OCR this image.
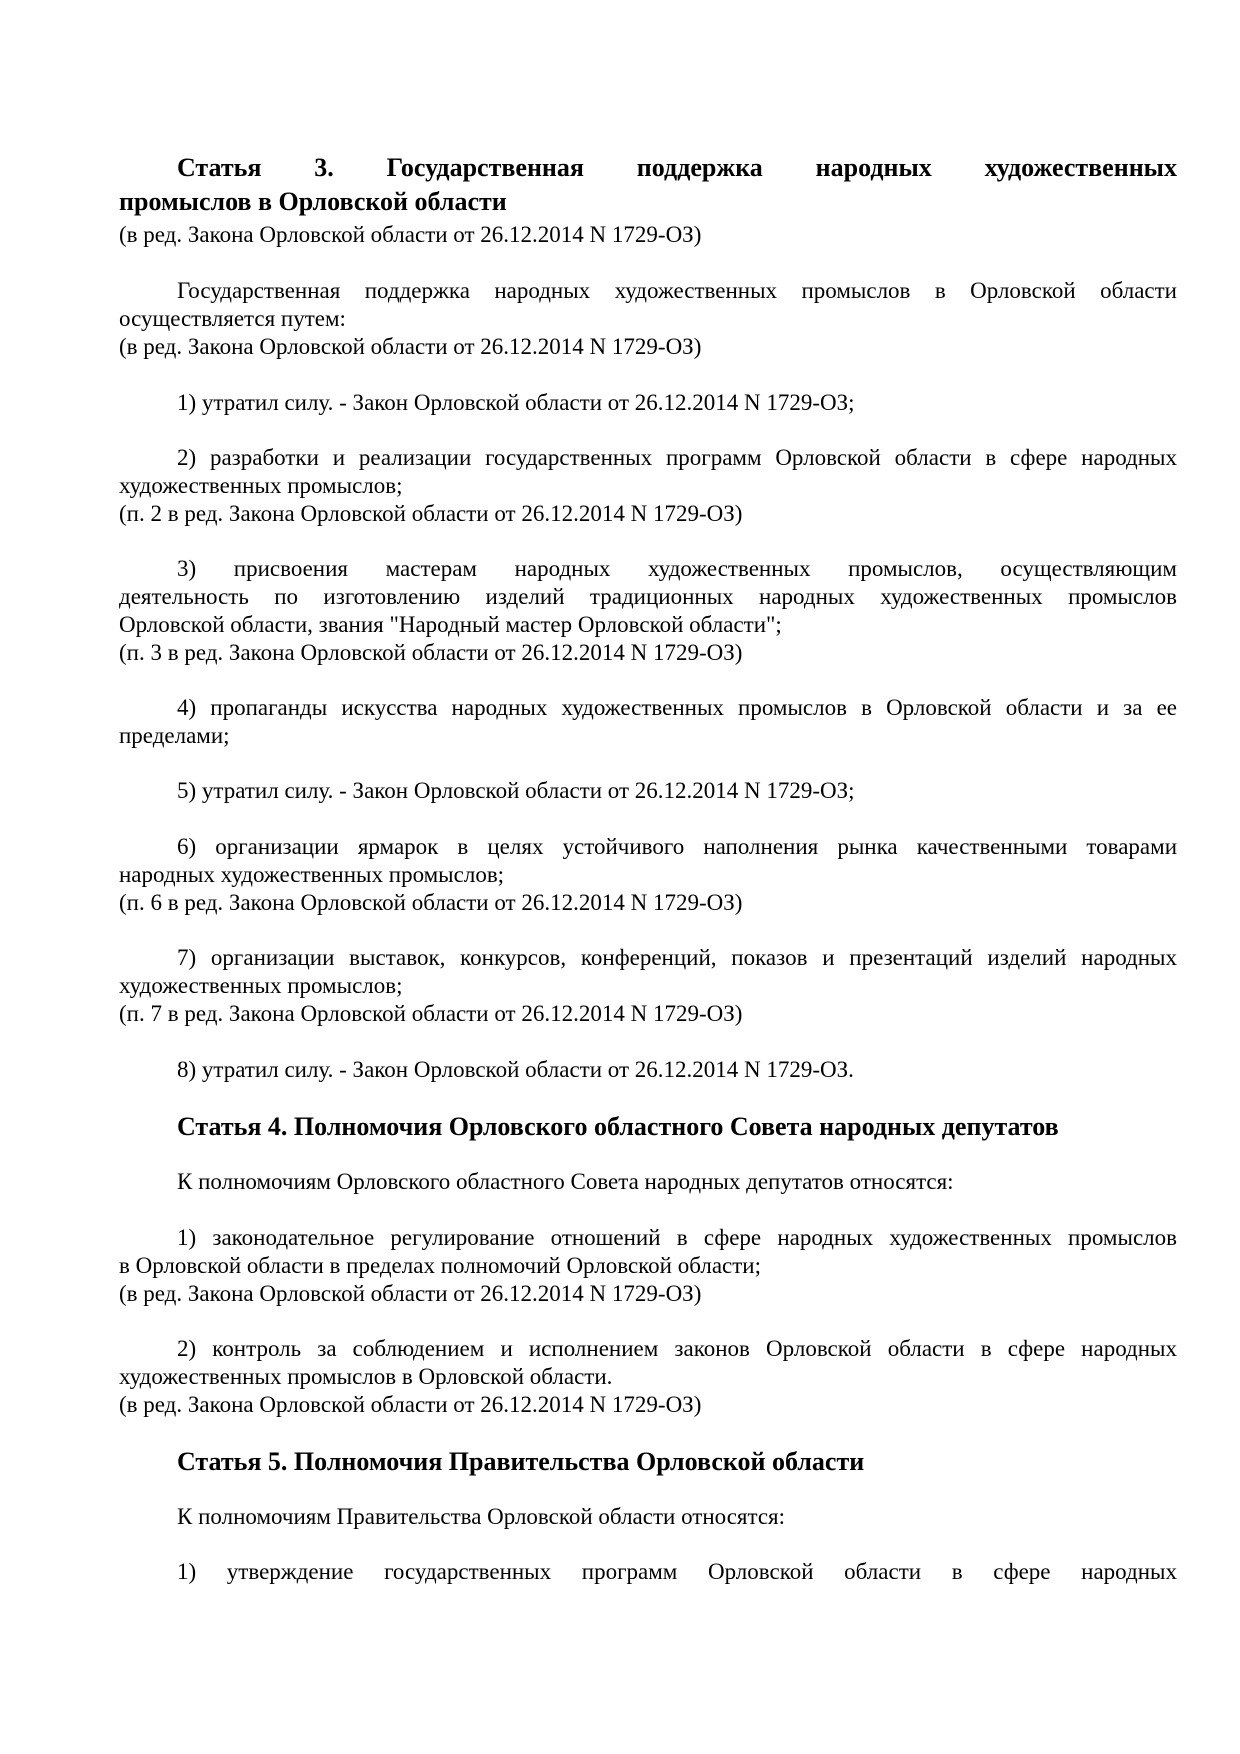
Статья 3. Государственная поддержка народных художественных
промыслов в Орловской области
(в ред. Закона Орловской области от 26.12.2014 N 1729-ОЗ)
Государственная поддержка народных художественных промыслов в Орловской области
осуществляется путем:
(в ред. Закона Орловской области от 26.12.2014 N 1729-ОЗ)
1) утратил силу. - Закон Орловской области от 26.12.2014 N 1729-ОЗ;
2) разработки и реализации государственных программ Орловской области в сфере народных
художественных промыслов;
(п. 2 в ред. Закона Орловской области от 26.12.2014 N 1729-ОЗ)
3) присвоения мастерам народных художественных промыслов, осуществляющим
деятельность по изготовлению изделий традиционных народных художественных промыслов
Орловской области, звания "Народный мастер Орловской области";
(п. 3 в ред. Закона Орловской области от 26.12.2014 N 1729-ОЗ)
4) пропаганды искусства народных художественных промыслов в Орловской области и за ее
пределами;
5) утратил силу. - Закон Орловской области от 26.12.2014 N 1729-ОЗ;
6) организации ярмарок в целях устойчивого наполнения рынка качественными товарами
народных художественных промыслов;
(п. 6 в ред. Закона Орловской области от 26.12.2014 N 1729-ОЗ)
7) организации выставок, конкурсов, конференций, показов и презентаций изделий народных
художественных промыслов;
(п. 7 в ред. Закона Орловской области от 26.12.2014 N 1729-ОЗ)
8) утратил силу. - Закон Орловской области от 26.12.2014 N 1729-ОЗ.
Статья 4. Полномочия Орловского областного Совета народных депутатов
К полномочиям Орловского областного Совета народных депутатов относятся:
1) законодательное регулирование отношений в сфере народных художественных промыслов
в Орловской области в пределах полномочий Орловской области;
(в ред. Закона Орловской области от 26.12.2014 N 1729-ОЗ)
2) контроль за соблюдением и исполнением законов Орловской области в сфере народных
художественных промыслов в Орловской области.
(в ред. Закона Орловской области от 26.12.2014 N 1729-ОЗ)
Статья 5. Полномочия Правительства Орловской области
К полномочиям Правительства Орловской области относятся:
1) утверждение государственных программ Орловской области в сфере народных
